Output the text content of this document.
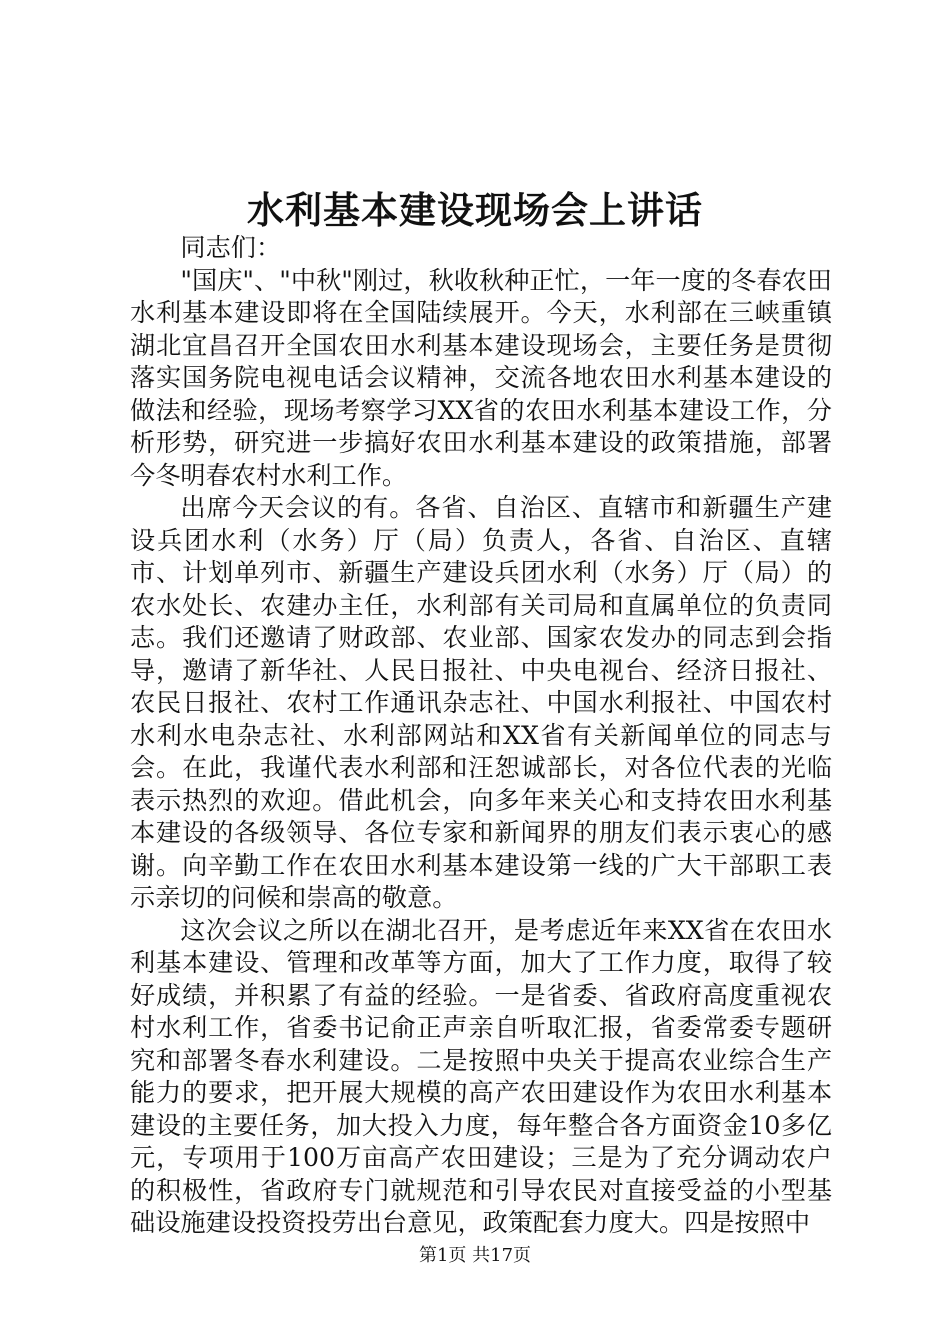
水利基本建设现场会上讲话

同志们：

"国庆"、"中秋"刚过，秋收秋种正忙，一年一度的冬春农田水利基本建设即将在全国陆续展开。今天，水利部在三峡重镇湖北宜昌召开全国农田水利基本建设现场会，主要任务是贯彻落实国务院电视电话会议精神，交流各地农田水利基本建设的做法和经验，现场考察学习XX省的农田水利基本建设工作，分析形势，研究进一步搞好农田水利基本建设的政策措施，部署今冬明春农村水利工作。

出席今天会议的有。各省、自治区、直辖市和新疆生产建设兵团水利（水务）厅（局）负责人，各省、自治区、直辖市、计划单列市、新疆生产建设兵团水利（水务）厅（局）的农水处长、农建办主任，水利部有关司局和直属单位的负责同志。我们还邀请了财政部、农业部、国家农发办的同志到会指导，邀请了新华社、人民日报社、中央电视台、经济日报社、农民日报社、农村工作通讯杂志社、中国水利报社、中国农村水利水电杂志社、水利部网站和XX省有关新闻单位的同志与会。在此，我谨代表水利部和汪恕诚部长，对各位代表的光临表示热烈的欢迎。借此机会，向多年来关心和支持农田水利基本建设的各级领导、各位专家和新闻界的朋友们表示衷心的感谢。向辛勤工作在农田水利基本建设第一线的广大干部职工表示亲切的问候和崇高的敬意。

这次会议之所以在湖北召开，是考虑近年来XX省在农田水利基本建设、管理和改革等方面，加大了工作力度，取得了较好成绩，并积累了有益的经验。一是省委、省政府高度重视农村水利工作，省委书记俞正声亲自听取汇报，省委常委专题研究和部署冬春水利建设。二是按照中央关于提高农业综合生产能力的要求，把开展大规模的高产农田建设作为农田水利基本建设的主要任务，加大投入力度，每年整合各方面资金10多亿元，专项用于100万亩高产农田建设；三是为了充分调动农户的积极性，省政府专门就规范和引导农民对直接受益的小型基础设施建设投资投劳出台意见，政策配套力度大。四是按照中

第1页 共17页
